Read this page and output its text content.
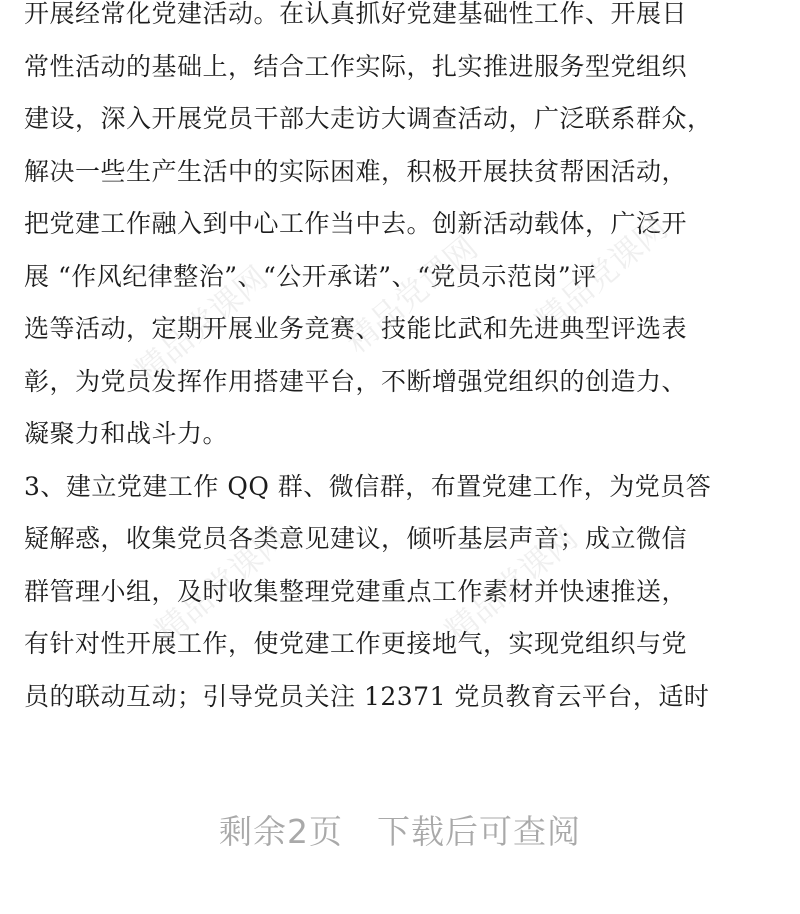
开展经常化党建活动。在认真抓好党建基础性工作、开展日
常性活动的基础上，结合工作实际，扎实推进服务型党组织
建设，深入开展党员干部大走访大调查活动，广泛联系群众，
解决一些生产生活中的实际困难，积极开展扶贫帮困活动，
把党建工作融入到中心工作当中去。创新活动载体，广泛开
展 “作风纪律整治”、“公开承诺”、“党员示范岗”评
选等活动，定期开展业务竞赛、技能比武和先进典型评选表
彰，为党员发挥作用搭建平台，不断增强党组织的创造力、
凝聚力和战斗力。
3、建立党建工作 QQ 群、微信群，布置党建工作，为党员答
疑解惑，收集党员各类意见建议，倾听基层声音；成立微信
群管理小组，及时收集整理党建重点工作素材并快速推送，
有针对性开展工作，使党建工作更接地气，实现党组织与党
员的联动互动；引导党员关注 12371 党员教育云平台，适时
精品党课网 精品党课网 精品党课网
精品党课网	精品党课网
剩余2页 下载后可查阅
